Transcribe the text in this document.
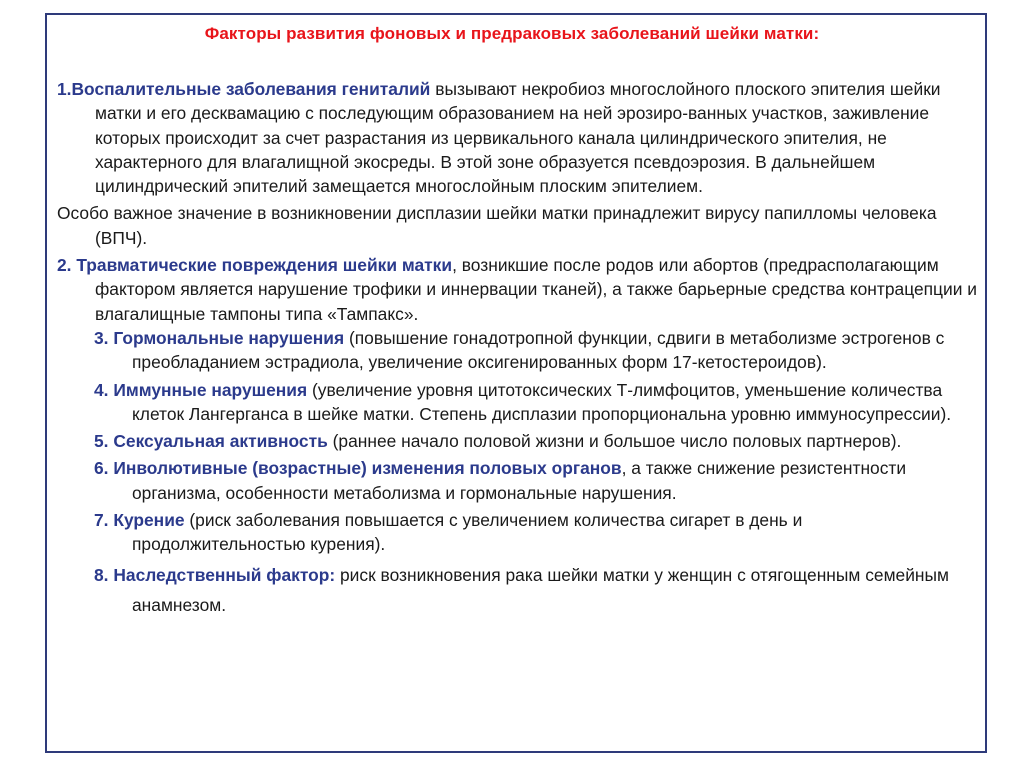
Факторы развития фоновых и предраковых заболеваний шейки матки:

1.Воспалительные заболевания гениталий вызывают некробиоз многослойного плоского эпителия шейки матки и его десквамацию с последующим образованием на ней эрозиро-ванных участков, заживление которых происходит за счет разрастания из цервикального канала цилиндрического эпителия, не характерного для влагалищной экосреды. В этой зоне образуется псевдоэрозия. В дальнейшем цилиндрический эпителий замещается многослойным плоским эпителием.

Особо важное значение в возникновении дисплазии шейки матки принадлежит вирусу папилломы человека (ВПЧ).

2. Травматические повреждения шейки матки, возникшие после родов или абортов (предрасполагающим фактором является нарушение трофики и иннервации тканей), а также барьерные средства контрацепции и влагалищные тампоны типа «Тампакс».

3. Гормональные нарушения (повышение гонадотропной функции, сдвиги в метаболизме эстрогенов с преобладанием эстрадиола, увеличение оксигенированных форм 17-кетостероидов).

4. Иммунные нарушения (увеличение уровня цитотоксических Т-лимфоцитов, уменьшение количества клеток Лангерганса в шейке матки. Степень дисплазии пропорциональна уровню иммуносупрессии).

5. Сексуальная активность (раннее начало половой жизни и большое число половых партнеров).

6. Инволютивные (возрастные) изменения половых органов, а также снижение резистентности организма, особенности метаболизма и гормональные нарушения.

7. Курение (риск заболевания повышается с увеличением количества сигарет в день и продолжительностью курения).

8. Наследственный фактор: риск возникновения рака шейки матки у женщин с отягощенным семейным анамнезом.
